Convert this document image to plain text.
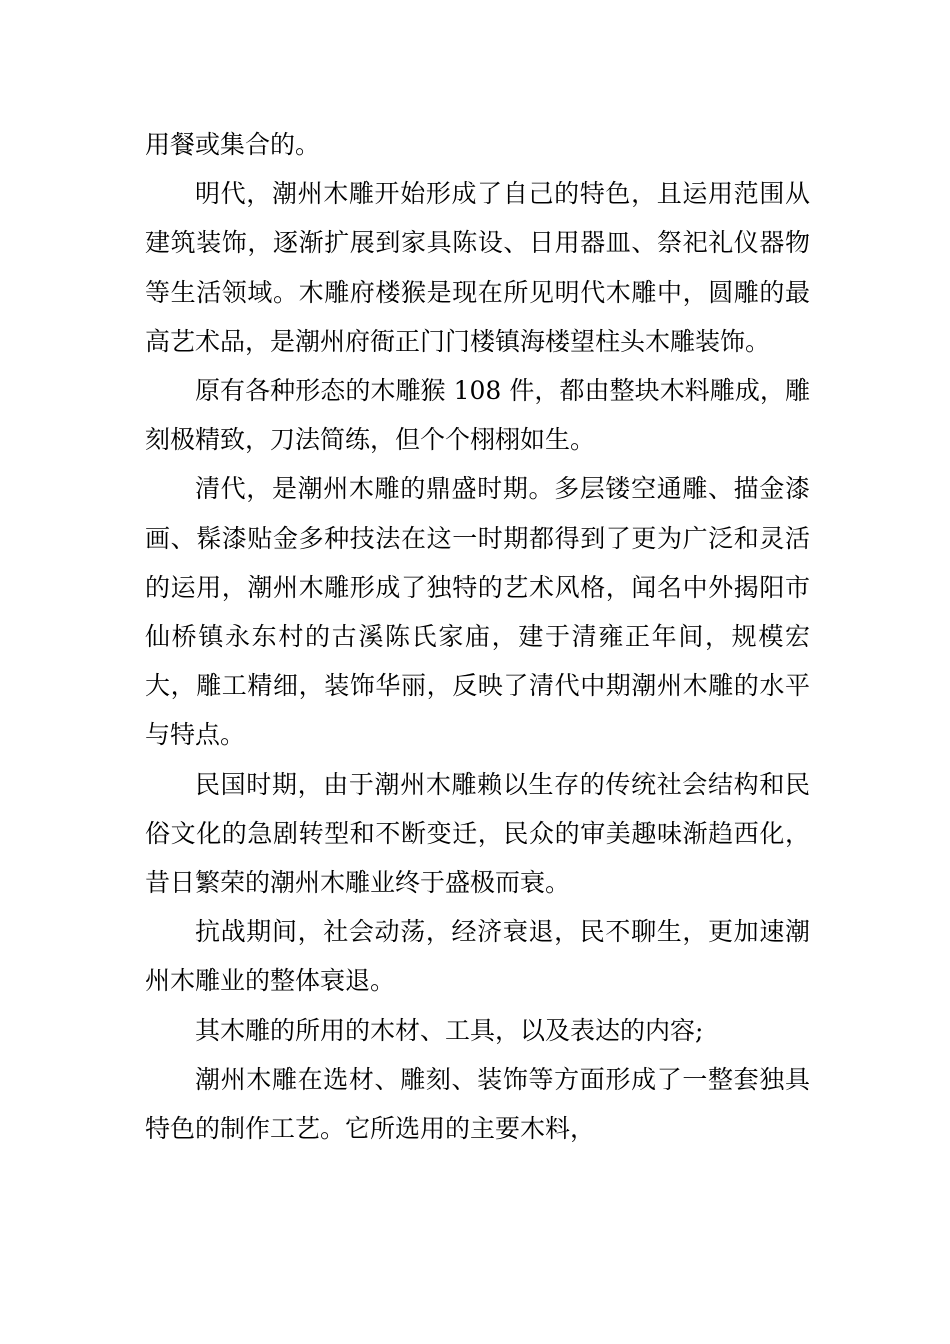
用餐或集合的。

明代，潮州木雕开始形成了自己的特色，且运用范围从建筑装饰，逐渐扩展到家具陈设、日用器皿、祭祀礼仪器物等生活领域。木雕府楼猴是现在所见明代木雕中，圆雕的最高艺术品，是潮州府衙正门门楼镇海楼望柱头木雕装饰。

原有各种形态的木雕猴 108 件，都由整块木料雕成，雕刻极精致，刀法简练，但个个栩栩如生。

清代，是潮州木雕的鼎盛时期。多层镂空通雕、描金漆画、髹漆贴金多种技法在这一时期都得到了更为广泛和灵活的运用，潮州木雕形成了独特的艺术风格，闻名中外揭阳市仙桥镇永东村的古溪陈氏家庙，建于清雍正年间，规模宏大，雕工精细，装饰华丽，反映了清代中期潮州木雕的水平与特点。

民国时期，由于潮州木雕赖以生存的传统社会结构和民俗文化的急剧转型和不断变迁，民众的审美趣味渐趋西化，昔日繁荣的潮州木雕业终于盛极而衰。

抗战期间，社会动荡，经济衰退，民不聊生，更加速潮州木雕业的整体衰退。

其木雕的所用的木材、工具，以及表达的内容;

潮州木雕在选材、雕刻、装饰等方面形成了一整套独具特色的制作工艺。它所选用的主要木料，
